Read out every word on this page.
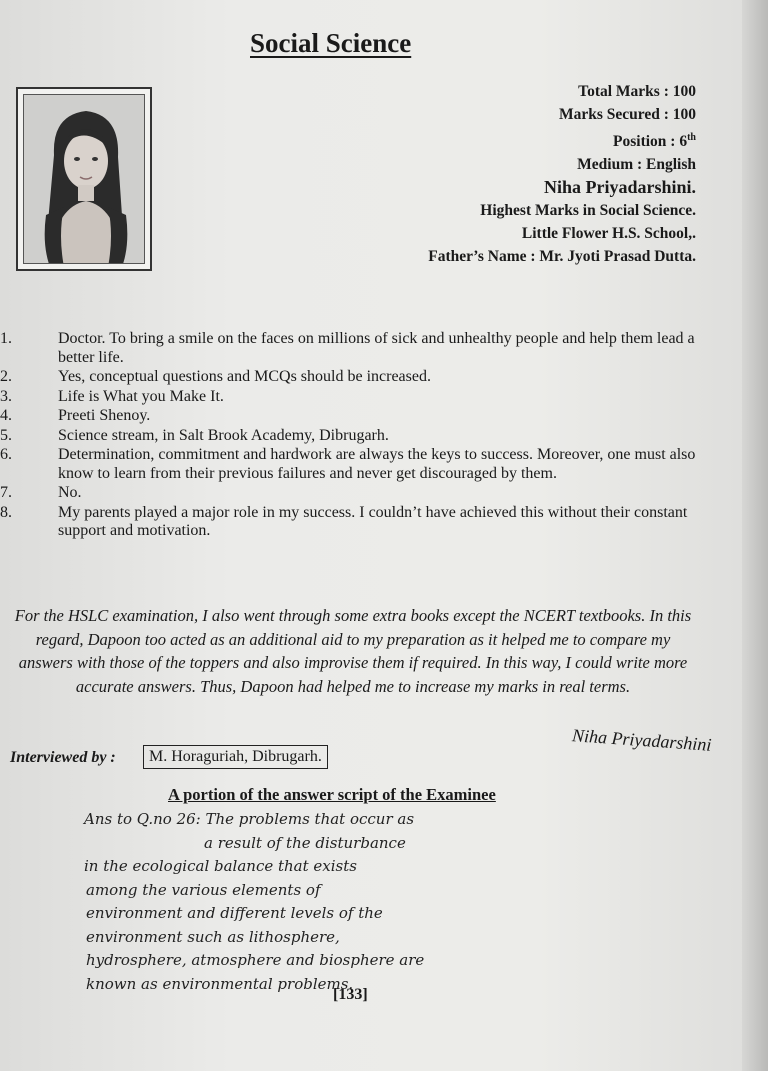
Social Science
Total Marks : 100
Marks Secured : 100
Position : 6th
Medium : English
Niha Priyadarshini.
Highest Marks in Social Science.
Little Flower H.S. School,.
Father’s Name : Mr. Jyoti Prasad Dutta.
1.	Doctor. To bring a smile on the faces on millions of sick and unhealthy people and help them lead a better life.
2.	Yes, conceptual questions and MCQs should be increased.
3.	Life is What you Make It.
4.	Preeti Shenoy.
5.	Science stream, in Salt Brook Academy, Dibrugarh.
6.	Determination, commitment and hardwork are always the keys to success. Moreover, one must also know to learn from their previous failures and never get discouraged by them.
7.	No.
8.	My parents played a major role in my success. I couldn’t have achieved this without their constant support and motivation.
For the HSLC examination, I also went through some extra books except the NCERT textbooks. In this regard, Dapoon too acted as an additional aid to my preparation as it helped me to compare my answers with those of the toppers and also improvise them if required. In this way, I could write more accurate answers. Thus, Dapoon had helped me to increase my marks in real terms.
Interviewed by :	M. Horaguriah, Dibrugarh.
Niha Priyadarshini
A portion of the answer script of the Examinee
Ans to Q.no 26: The problems that occur as
a result of the disturbance
in the ecological balance that exists
among the various elements of
environment and different levels of the
environment such as lithosphere,
hydrosphere, atmosphere and biosphere are
known as environmental problems.
[133]
